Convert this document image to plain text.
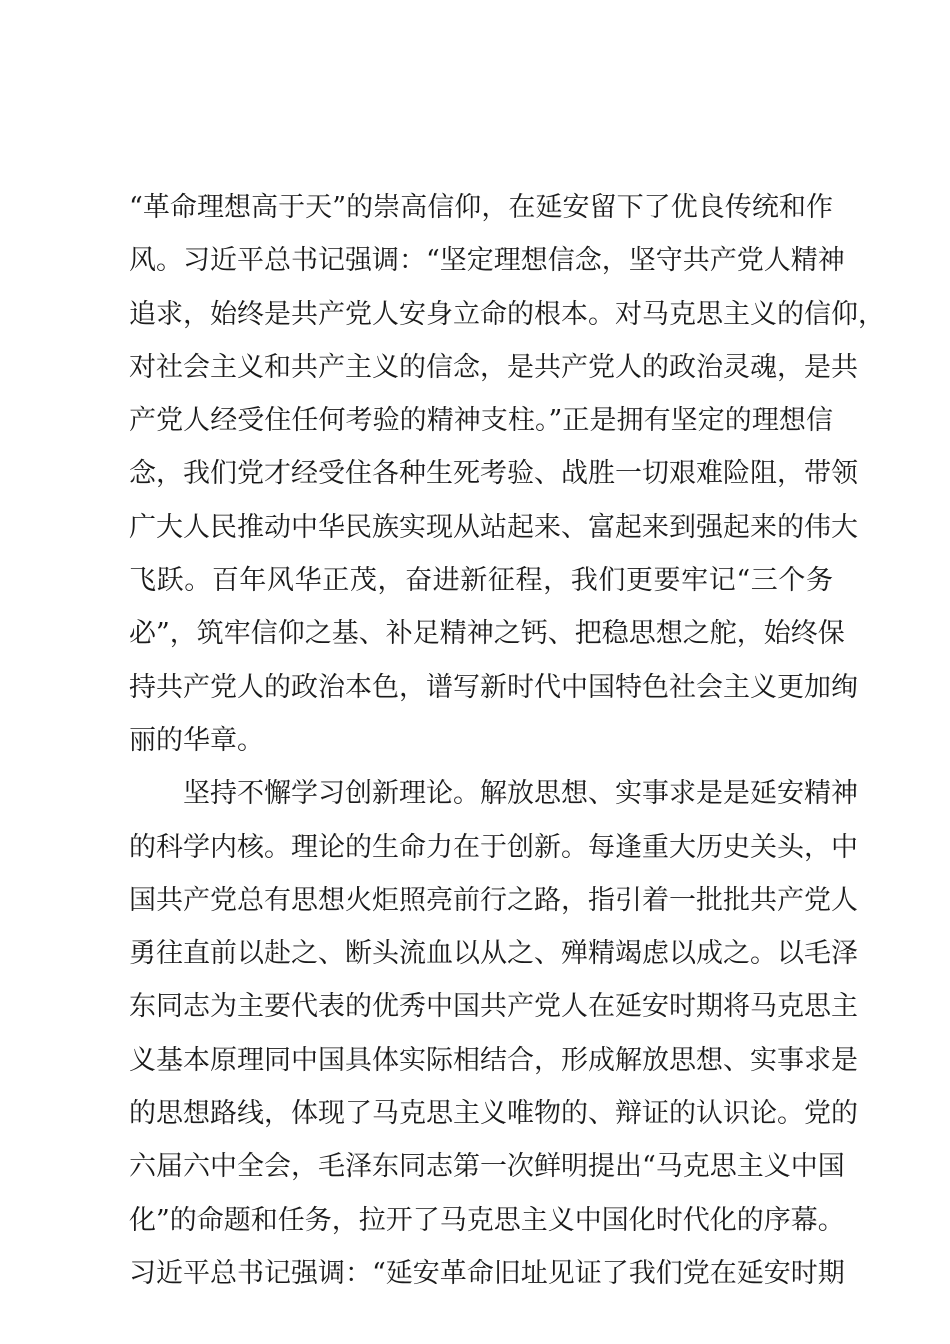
“革命理想高于天”的崇高信仰，在延安留下了优良传统和作
风。习近平总书记强调：“坚定理想信念，坚守共产党人精神
追求，始终是共产党人安身立命的根本。对马克思主义的信仰，
对社会主义和共产主义的信念，是共产党人的政治灵魂，是共
产党人经受住任何考验的精神支柱。”正是拥有坚定的理想信
念，我们党才经受住各种生死考验、战胜一切艰难险阻，带领
广大人民推动中华民族实现从站起来、富起来到强起来的伟大
飞跃。百年风华正茂，奋进新征程，我们更要牢记“三个务
必”，筑牢信仰之基、补足精神之钙、把稳思想之舵，始终保
持共产党人的政治本色，谱写新时代中国特色社会主义更加绚
丽的华章。
坚持不懈学习创新理论。解放思想、实事求是是延安精神
的科学内核。理论的生命力在于创新。每逢重大历史关头，中
国共产党总有思想火炬照亮前行之路，指引着一批批共产党人
勇往直前以赴之、断头流血以从之、殚精竭虑以成之。以毛泽
东同志为主要代表的优秀中国共产党人在延安时期将马克思主
义基本原理同中国具体实际相结合，形成解放思想、实事求是
的思想路线，体现了马克思主义唯物的、辩证的认识论。党的
六届六中全会，毛泽东同志第一次鲜明提出“马克思主义中国
化”的命题和任务，拉开了马克思主义中国化时代化的序幕。
习近平总书记强调：“延安革命旧址见证了我们党在延安时期
